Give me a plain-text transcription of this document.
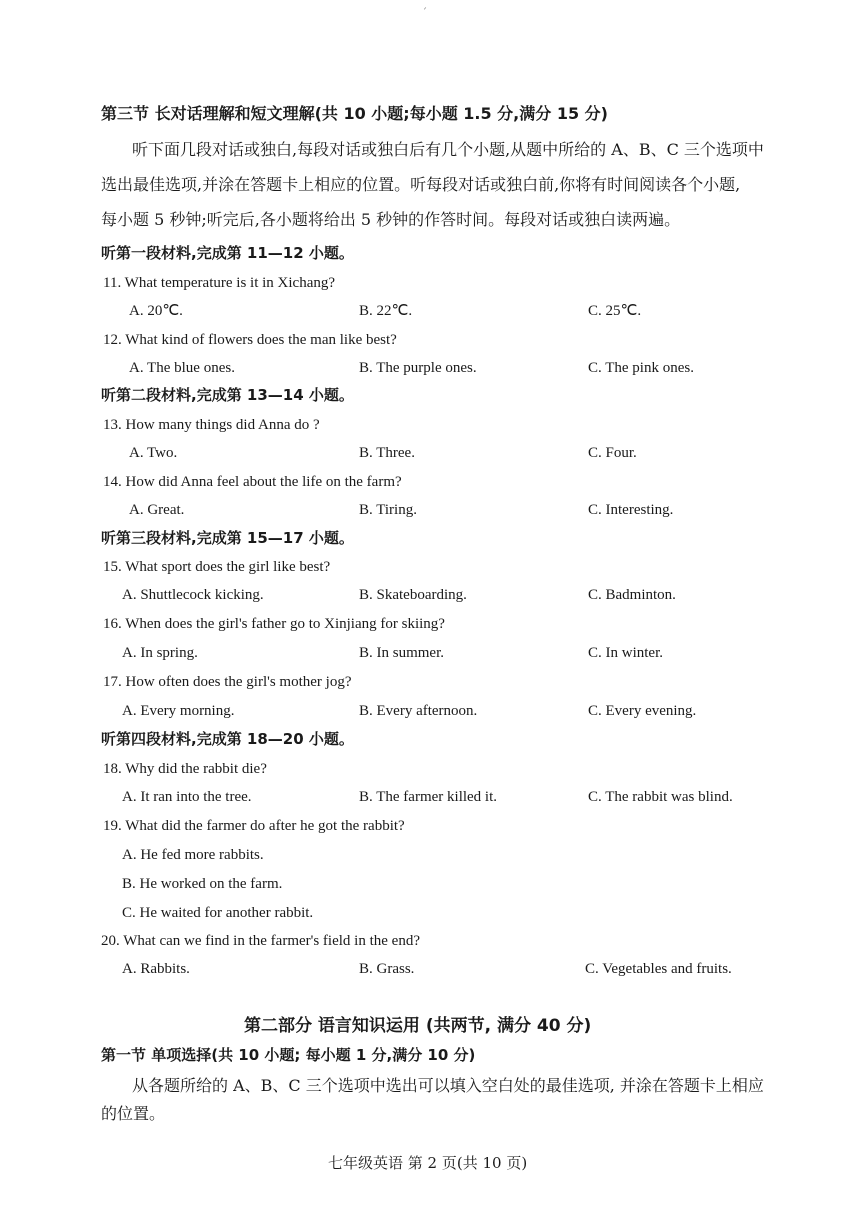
ˊ
第三节 长对话理解和短文理解(共 10 小题;每小题 1.5 分,满分 15 分)
听下面几段对话或独白,每段对话或独白后有几个小题,从题中所给的 A、B、C 三个选项中
选出最佳选项,并涂在答题卡上相应的位置。听每段对话或独白前,你将有时间阅读各个小题,
每小题 5 秒钟;听完后,各小题将给出 5 秒钟的作答时间。每段对话或独白读两遍。
听第一段材料,完成第 11—12 小题。
11. What temperature is it in Xichang?
A. 20℃.	B. 22℃.	C. 25℃.
12. What kind of flowers does the man like best?
A. The blue ones.	B. The purple ones.	C. The pink ones.
听第二段材料,完成第 13—14 小题。
13. How many things did Anna do ?
A. Two.	B. Three.	C. Four.
14. How did Anna feel about the life on the farm?
A. Great.	B. Tiring.	C. Interesting.
听第三段材料,完成第 15—17 小题。
15. What sport does the girl like best?
A. Shuttlecock kicking.	B. Skateboarding.	C. Badminton.
16. When does the girl's father go to Xinjiang for skiing?
A. In spring.	B. In summer.	C. In winter.
17. How often does the girl's mother jog?
A. Every morning.	B. Every afternoon.	C. Every evening.
听第四段材料,完成第 18—20 小题。
18. Why did the rabbit die?
A. It ran into the tree.	B. The farmer killed it.	C. The rabbit was blind.
19. What did the farmer do after he got the rabbit?
A. He fed more rabbits.
B. He worked on the farm.
C. He waited for another rabbit.
20. What can we find in the farmer's field in the end?
A. Rabbits.	B. Grass.	C. Vegetables and fruits.
第二部分 语言知识运用 (共两节, 满分 40 分)
第一节 单项选择(共 10 小题; 每小题 1 分,满分 10 分)
从各题所给的 A、B、C 三个选项中选出可以填入空白处的最佳选项, 并涂在答题卡上相应
的位置。
七年级英语 第 2 页(共 10 页)
